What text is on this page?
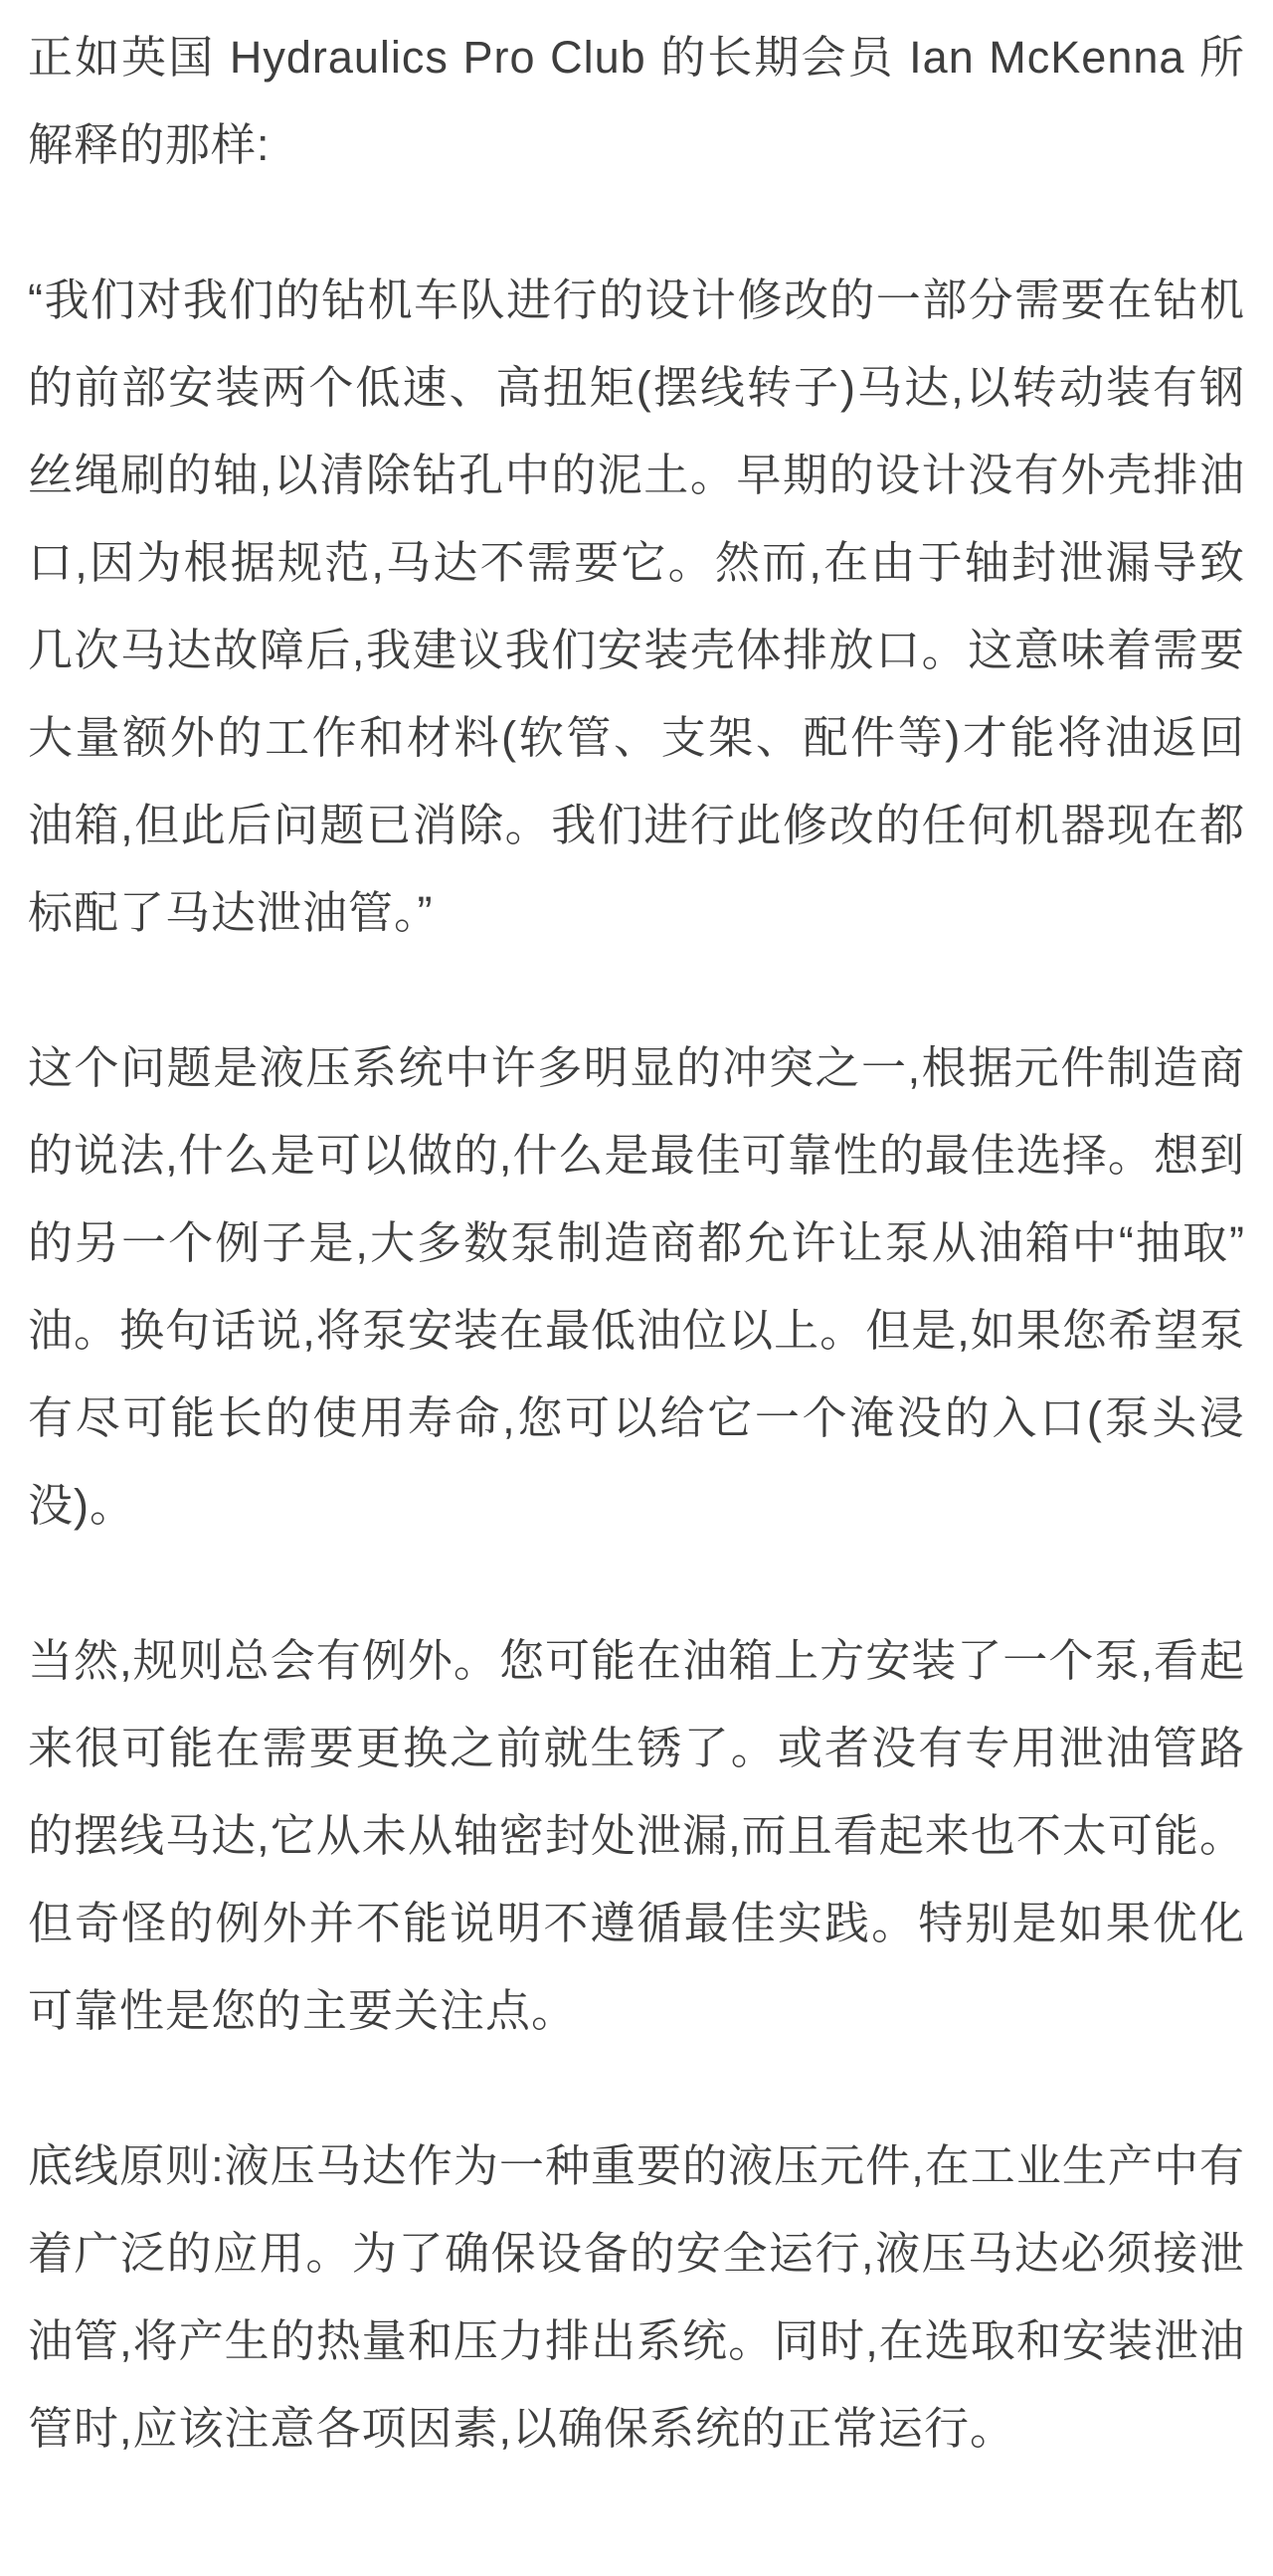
正如英国 Hydraulics Pro Club 的长期会员 Ian McKenna 所解释的那样:

“我们对我们的钻机车队进行的设计修改的一部分需要在钻机的前部安装两个低速、高扭矩(摆线转子)马达,以转动装有钢丝绳刷的轴,以清除钻孔中的泥土。早期的设计没有外壳排油口,因为根据规范,马达不需要它。然而,在由于轴封泄漏导致几次马达故障后,我建议我们安装壳体排放口。这意味着需要大量额外的工作和材料(软管、支架、配件等)才能将油返回油箱,但此后问题已消除。我们进行此修改的任何机器现在都标配了马达泄油管。”

这个问题是液压系统中许多明显的冲突之一,根据元件制造商的说法,什么是可以做的,什么是最佳可靠性的最佳选择。想到的另一个例子是,大多数泵制造商都允许让泵从油箱中“抽取”油。换句话说,将泵安装在最低油位以上。但是,如果您希望泵有尽可能长的使用寿命,您可以给它一个淹没的入口(泵头浸没)。

当然,规则总会有例外。您可能在油箱上方安装了一个泵,看起来很可能在需要更换之前就生锈了。或者没有专用泄油管路的摆线马达,它从未从轴密封处泄漏,而且看起来也不太可能。但奇怪的例外并不能说明不遵循最佳实践。特别是如果优化可靠性是您的主要关注点。

底线原则:液压马达作为一种重要的液压元件,在工业生产中有着广泛的应用。为了确保设备的安全运行,液压马达必须接泄油管,将产生的热量和压力排出系统。同时,在选取和安装泄油管时,应该注意各项因素,以确保系统的正常运行。
